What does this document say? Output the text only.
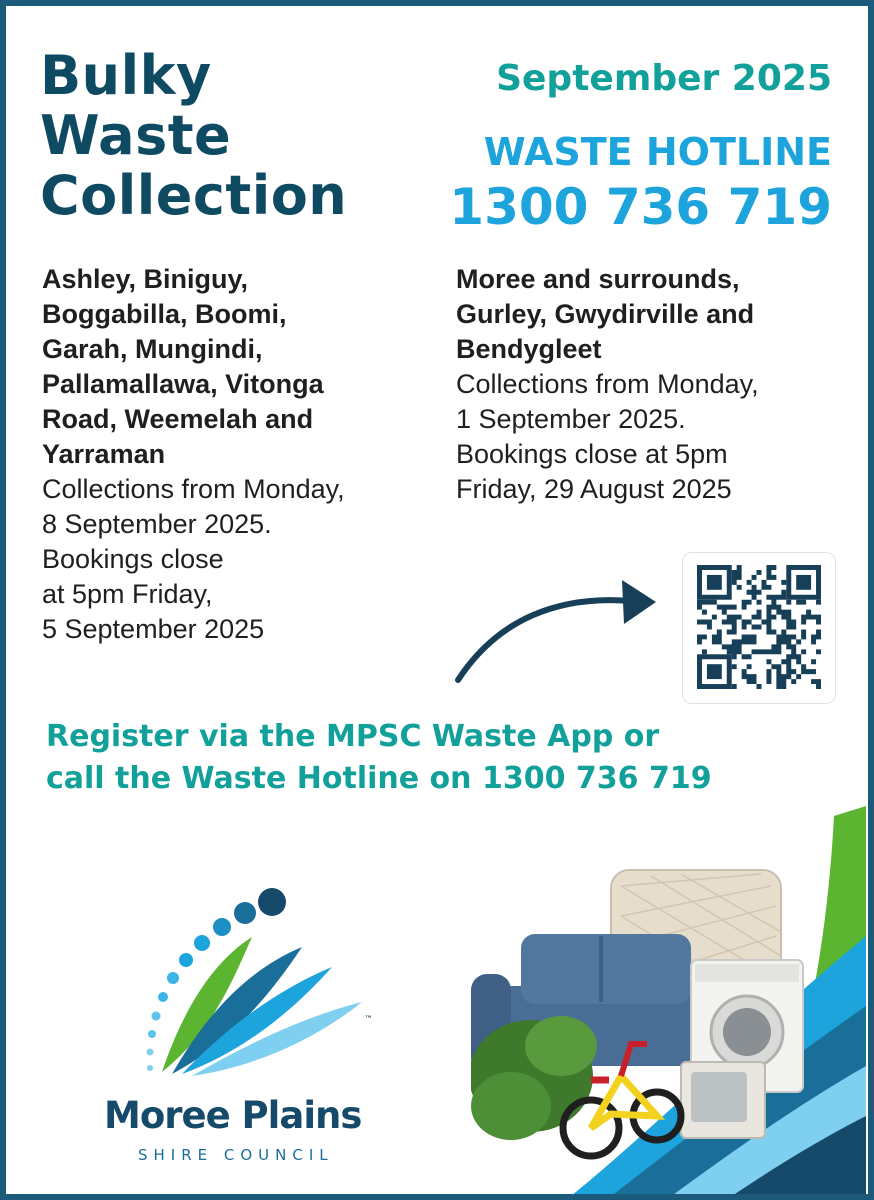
Bulky
Waste
Collection
September 2025
WASTE HOTLINE
1300 736 719
Ashley, Biniguy,
Boggabilla, Boomi,
Garah, Mungindi,
Pallamallawa, Vitonga
Road, Weemelah and
Yarraman
Collections from Monday,
8 September 2025.
Bookings close
at 5pm Friday,
5 September 2025
Moree and surrounds,
Gurley, Gwydirville and
Bendygleet
Collections from Monday,
1 September 2025.
Bookings close at 5pm
Friday, 29 August 2025
Register via the MPSC Waste App or
call the Waste Hotline on 1300 736 719
™
Moree Plains
SHIRE COUNCIL
